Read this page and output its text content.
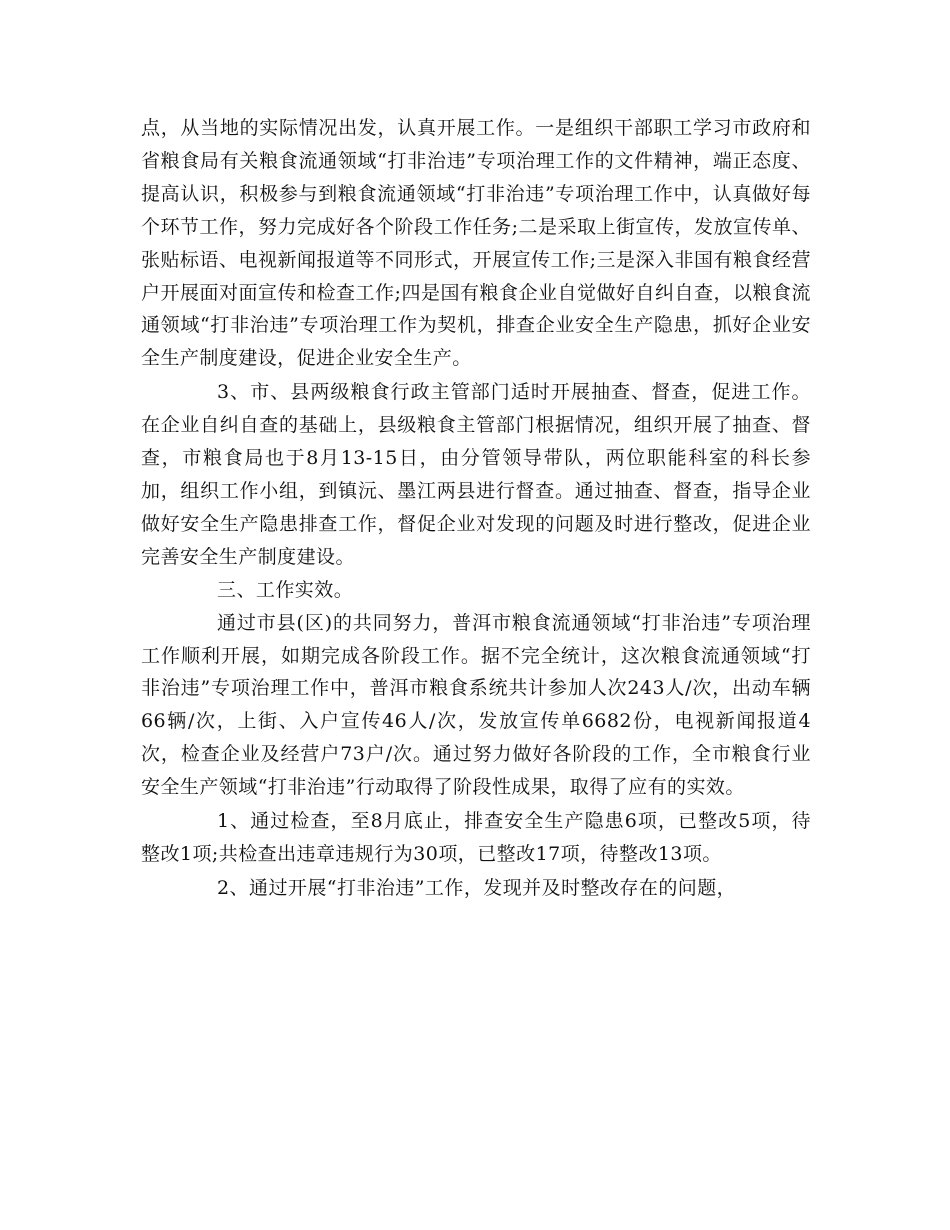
点，从当地的实际情况出发，认真开展工作。一是组织干部职工学习市政府和省粮食局有关粮食流通领域“打非治违”专项治理工作的文件精神，端正态度、提高认识，积极参与到粮食流通领域“打非治违”专项治理工作中，认真做好每个环节工作，努力完成好各个阶段工作任务;二是采取上街宣传，发放宣传单、张贴标语、电视新闻报道等不同形式，开展宣传工作;三是深入非国有粮食经营户开展面对面宣传和检查工作;四是国有粮食企业自觉做好自纠自查，以粮食流通领域“打非治违”专项治理工作为契机，排查企业安全生产隐患，抓好企业安全生产制度建设，促进企业安全生产。

3、市、县两级粮食行政主管部门适时开展抽查、督查，促进工作。在企业自纠自查的基础上，县级粮食主管部门根据情况，组织开展了抽查、督查，市粮食局也于8月13-15日，由分管领导带队，两位职能科室的科长参加，组织工作小组，到镇沅、墨江两县进行督查。通过抽查、督查，指导企业做好安全生产隐患排查工作，督促企业对发现的问题及时进行整改，促进企业完善安全生产制度建设。

三、工作实效。

通过市县(区)的共同努力，普洱市粮食流通领域“打非治违”专项治理工作顺利开展，如期完成各阶段工作。据不完全统计，这次粮食流通领域“打非治违”专项治理工作中，普洱市粮食系统共计参加人次243人/次，出动车辆66辆/次，上街、入户宣传46人/次，发放宣传单6682份，电视新闻报道4次，检查企业及经营户73户/次。通过努力做好各阶段的工作，全市粮食行业安全生产领域“打非治违”行动取得了阶段性成果，取得了应有的实效。

1、通过检查，至8月底止，排查安全生产隐患6项，已整改5项，待整改1项;共检查出违章违规行为30项，已整改17项，待整改13项。

2、通过开展“打非治违”工作，发现并及时整改存在的问题，
